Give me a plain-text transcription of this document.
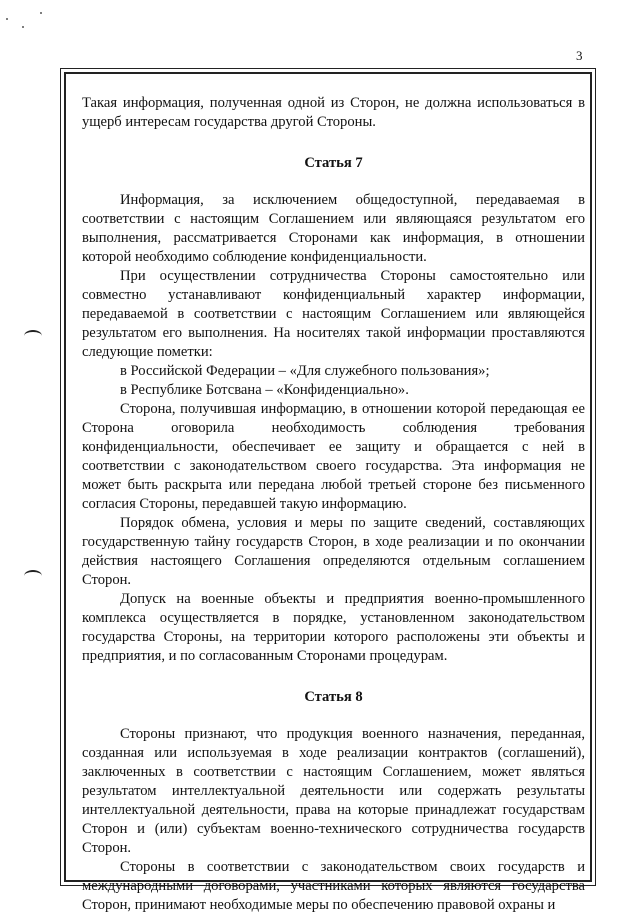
3

Такая информация, полученная одной из Сторон, не должна использоваться в ущерб интересам государства другой Стороны.

Статья 7

Информация, за исключением общедоступной, передаваемая в соответствии с настоящим Соглашением или являющаяся результатом его выполнения, рассматривается Сторонами как информация, в отношении которой необходимо соблюдение конфиденциальности.

При осуществлении сотрудничества Стороны самостоятельно или совместно устанавливают конфиденциальный характер информации, передаваемой в соответствии с настоящим Соглашением или являющейся результатом его выполнения. На носителях такой информации проставляются следующие пометки:

в Российской Федерации – «Для служебного пользования»;

в Республике Ботсвана – «Конфиденциально».

Сторона, получившая информацию, в отношении которой передающая ее Сторона оговорила необходимость соблюдения требования конфиденциальности, обеспечивает ее защиту и обращается с ней в соответствии с законодательством своего государства. Эта информация не может быть раскрыта или передана любой третьей стороне без письменного согласия Стороны, передавшей такую информацию.

Порядок обмена, условия и меры по защите сведений, составляющих государственную тайну государств Сторон, в ходе реализации и по окончании действия настоящего Соглашения определяются отдельным соглашением Сторон.

Допуск на военные объекты и предприятия военно-промышленного комплекса осуществляется в порядке, установленном законодательством государства Стороны, на территории которого расположены эти объекты и предприятия, и по согласованным Сторонами процедурам.

Статья 8

Стороны признают, что продукция военного назначения, переданная, созданная или используемая в ходе реализации контрактов (соглашений), заключенных в соответствии с настоящим Соглашением, может являться результатом интеллектуальной деятельности или содержать результаты интеллектуальной деятельности, права на которые принадлежат государствам Сторон и (или) субъектам военно-технического сотрудничества государств Сторон.

Стороны в соответствии с законодательством своих государств и международными договорами, участниками которых являются государства Сторон, принимают необходимые меры по обеспечению правовой охраны и
